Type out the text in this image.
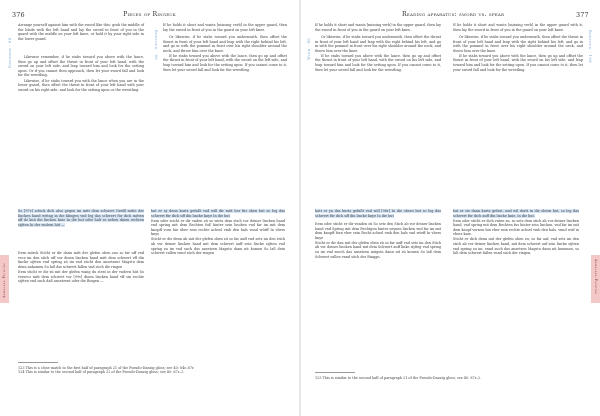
376	Pieces of Ringeck
Dresden · 68	Rostock · 90

Arrange yourself against him with the sword like this: grab the middle of the blade with the left hand and lay the sword in front of you in the guard with the middle on your left knee, or hold it by your right side in the lower guard.

Likewise remember, if he stabs toward you above with the lance, then go up and offset the thrust in front of your left hand, with the sword on your left side, and leap toward him and look for the setting upon. Or if you cannot then approach, then let your sword fall and look for the wrestling.

Likewise, if he stabs toward you with the lance when you are in the lower guard, then offset the thrust in front of your left hand with your sword on his right side, and look for the setting upon or the wrestling.

If he holds it short and wants [missing verb] in the upper guard, then lay the sword in front of you in the guard on your left knee.

Or likewise, if he stabs toward you underneath, then offset the thrust in front of your left hand and leap with the right behind his left, and go in with the pommel in front over his right shoulder around the neck, and throw him over the knee.

If he stabs toward you above with the lance, then go up and offset the thrust in front of your left hand, with the sword on the left side, and leap toward him and look for the setting upon. If you cannot come to it, then let your sword fall and look for the wrestling.

Armoured Fighting

So [97v] schick dich also gegen im mitt dem schwert Greiff mitte der lincken hand wittag in die klingen vnd leg das schwert für dich mitten uff dz knü din lincken knie In die hut oder halt es neben dinen rechten sijtten In der vndern hüt —

Item mörck Sticht er dir dann mitt der glefen oben zuo so far uff vnd vecz im den stich uff vor dinen lincken hand mitt dem schwert vff din lincke sijtten vnd spring zü im vnd sücht den ansetzent Mugstu dem denn ankomen So laß din schwert fallen vnd süch die ringen

Item sticht er dir zü mit der glefen wang du stest in der vndern hüt So versecz mitt dem schwert vor [99v] dinen lincken hand vff sin rechte sijtten vnd such daß ansetzent oder die Ringen —

hat er sy denn kurtz gefaßt vnd will dir mitt her für oben hut so leg das schwert für dich uff din lincke knye In die hut

Item oder sticht er dir vnden zü so wirtz dem stich vor deiner lincken hand vnd spring mit dem Rechten fuß hinter sein lincken vnd far im mit dem knopff vorn hin über sein rechte achsel vmb den hals vnnd würff In vbers knye

Sticht er dir denn ab mit der glefen oben zü so far auff vnd setz im den stich ab vor deiner lincken hand mit dem schwert auff sein lincke sijtten vnd spring zu im vnd such das ansetzen Magstu dann nit komen So laß dein schwert vallen vnnd süch der ringen

123 This is a close match to the first half of paragraph 21 of the Pseudo-Danzig gloss; see 40: 84r–87r.
124 This is similar to the second half of paragraph 22 of the Pseudo-Danzig gloss; see 40: 87r–2.
Reading apparatus: sword vs. spear	377
Wien · 40	Rostock · 108

If he holds it short and wants [missing verb] in the upper guard, then lay the sword in front of you in the guard on your left knee.

Or likewise, if he stabs toward you underneath, then offset the thrust in front of your left hand and leap with the right behind his left, and go in with the pommel in front over his right shoulder around the neck, and throw him over the knee.

If he stabs toward you above with the lance, then go up and offset the thrust in front of your left hand, with the sword on his left side, and leap toward him and look for the setting upon. If you cannot come to it, then let your sword fall and look for the wrestling.

If he holds it short and wants [missing verb] in the upper guard with it, then lay the sword in front of you in the guard on your left knee.

Or likewise, if he stabs toward you underneath, then offset the thrust in front of your left hand and leap with the right behind his left, and go in with the pommel in front over his right shoulder around the neck, and throw him over the knee.

If he stabs toward you above with the lance, then go up and offset the thrust in front of your left hand, with the sword on his left side, and leap toward him and look for the setting upon. If you cannot come to it, then let your sword fall and look for the wrestling.

hatt er yn das kurtz gefaßt vnd will [98r] In die obern hut so leg das schwert für dich uff din lincke knye In die hut

Item oder sticht er dir vnnden zü So setz den Stich ab vor deiner lincken hand vnd Spring mit dem Rechtgen hinter seynen lincken vnd far im mit dem knopff forn vber sein Recht achsel vmb den hals vnd würff In vbers knye

Sticht er dir dan mit der glefen oben zü so far auff vnd setz im den Stich ab vor deiner lincken hand mit dem Schwert auff linke sijtteg vnd spring zu im vnd suech das ansetzen mügstu dann nit zü komen So laß dein Schwert vallen vnnd süch der Ringgn.

hat er sie dann kurtz gefast, und wil dortt in die obern hut, so leg das schwert für dich auff din lincke knie, in die hut.

Item oder sticht er dich vnten zu, so setz dem stich ab vor deiner lincken hand, vnd spring mit dem Rechten fus hinter sein lincken, vnd far im mit dem knopf vornen hin vber sein rechte achsel vmb den hals, vnnd wirf in vbers knie.

Sticht er dich denn mit der glefen oben zu, so far auf, vnd setz im den stich ab vor deiner lincken hand, mit dem schwert auf sein lincke sijtten vnd spring zu im, vnnd such das ansetzen Magstu dann nit kummen, so laß dein schwert fallen vnnd süch der ringen.

Armoured Fighting
125 This is similar to the second half of paragraph 21 of the Pseudo-Danzig gloss; see 40: 87r–2.
